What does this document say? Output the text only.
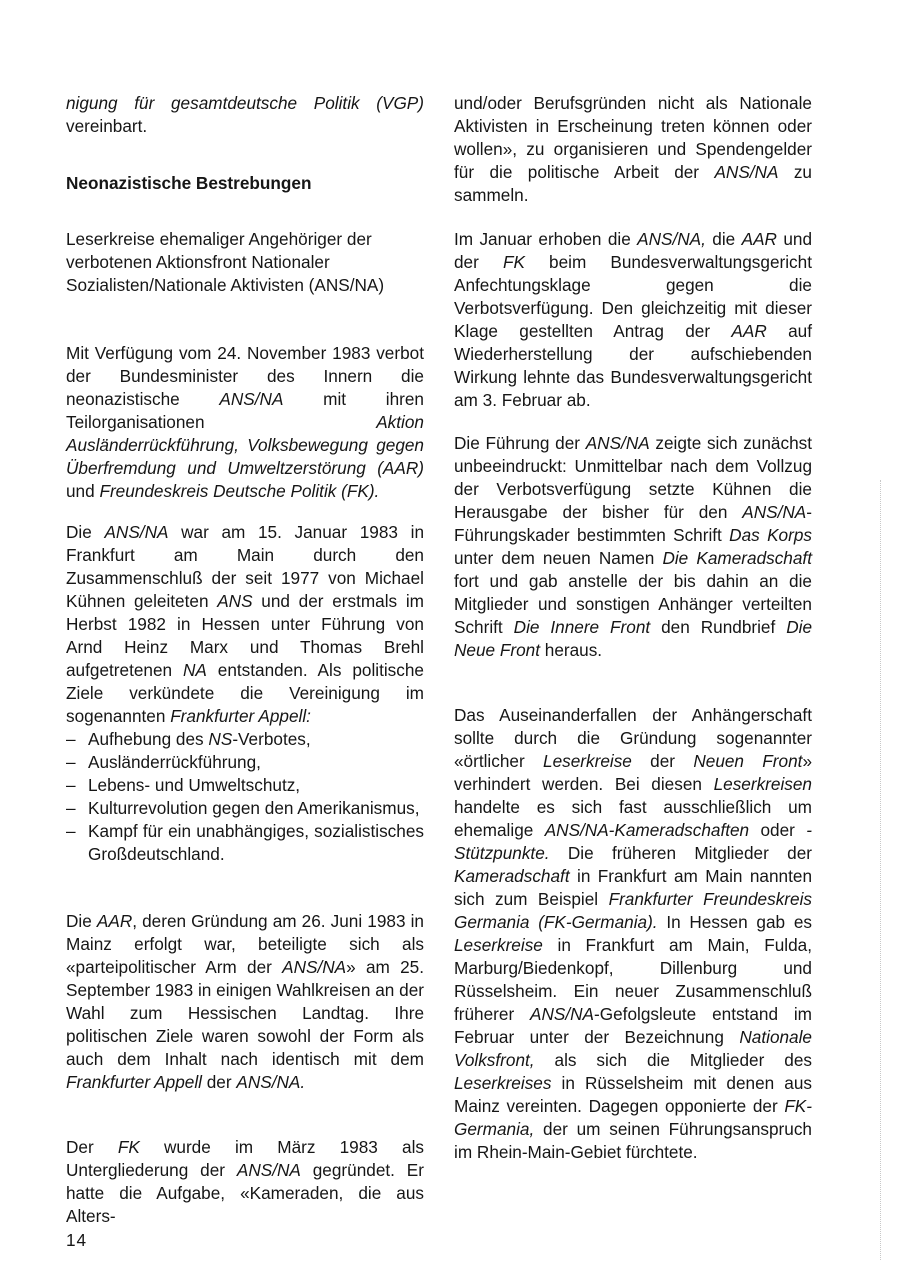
nigung für gesamtdeutsche Politik (VGP) vereinbart.

Neonazistische Bestrebungen
Leserkreise ehemaliger Angehöriger der verbotenen Aktionsfront Nationaler Sozialisten/Nationale Aktivisten (ANS/NA)

Mit Verfügung vom 24. November 1983 verbot der Bundesminister des Innern die neonazistische ANS/NA mit ihren Teilorganisationen Aktion Ausländerrückführung, Volksbewegung gegen Überfremdung und Umweltzerstörung (AAR) und Freundeskreis Deutsche Politik (FK).

Die ANS/NA war am 15. Januar 1983 in Frankfurt am Main durch den Zusammenschluß der seit 1977 von Michael Kühnen geleiteten ANS und der erstmals im Herbst 1982 in Hessen unter Führung von Arnd Heinz Marx und Thomas Brehl aufgetretenen NA entstanden. Als politische Ziele verkündete die Vereinigung im sogenannten Frankfurter Appell:

– Aufhebung des NS-Verbotes,
– Ausländerrückführung,
– Lebens- und Umweltschutz,
– Kulturrevolution gegen den Amerikanismus,
– Kampf für ein unabhängiges, sozialistisches Großdeutschland.

Die AAR, deren Gründung am 26. Juni 1983 in Mainz erfolgt war, beteiligte sich als «parteipolitischer Arm der ANS/NA» am 25. September 1983 in einigen Wahlkreisen an der Wahl zum Hessischen Landtag. Ihre politischen Ziele waren sowohl der Form als auch dem Inhalt nach identisch mit dem Frankfurter Appell der ANS/NA.

Der FK wurde im März 1983 als Untergliederung der ANS/NA gegründet. Er hatte die Aufgabe, «Kameraden, die aus Alters-

und/oder Berufsgründen nicht als Nationale Aktivisten in Erscheinung treten können oder wollen», zu organisieren und Spendengelder für die politische Arbeit der ANS/NA zu sammeln.

Im Januar erhoben die ANS/NA, die AAR und der FK beim Bundesverwaltungsgericht Anfechtungsklage gegen die Verbotsverfügung. Den gleichzeitig mit dieser Klage gestellten Antrag der AAR auf Wiederherstellung der aufschiebenden Wirkung lehnte das Bundesverwaltungsgericht am 3. Februar ab.

Die Führung der ANS/NA zeigte sich zunächst unbeeindruckt: Unmittelbar nach dem Vollzug der Verbotsverfügung setzte Kühnen die Herausgabe der bisher für den ANS/NA-Führungskader bestimmten Schrift Das Korps unter dem neuen Namen Die Kameradschaft fort und gab anstelle der bis dahin an die Mitglieder und sonstigen Anhänger verteilten Schrift Die Innere Front den Rundbrief Die Neue Front heraus.

Das Auseinanderfallen der Anhängerschaft sollte durch die Gründung sogenannter «örtlicher Leserkreise der Neuen Front» verhindert werden. Bei diesen Leserkreisen handelte es sich fast ausschließlich um ehemalige ANS/NA-Kameradschaften oder -Stützpunkte. Die früheren Mitglieder der Kameradschaft in Frankfurt am Main nannten sich zum Beispiel Frankfurter Freundeskreis Germania (FK-Germania). In Hessen gab es Leserkreise in Frankfurt am Main, Fulda, Marburg/Biedenkopf, Dillenburg und Rüsselsheim. Ein neuer Zusammenschluß früherer ANS/NA-Gefolgsleute entstand im Februar unter der Bezeichnung Nationale Volksfront, als sich die Mitglieder des Leserkreises in Rüsselsheim mit denen aus Mainz vereinten. Dagegen opponierte der FK-Germania, der um seinen Führungsanspruch im Rhein-Main-Gebiet fürchtete.

14
